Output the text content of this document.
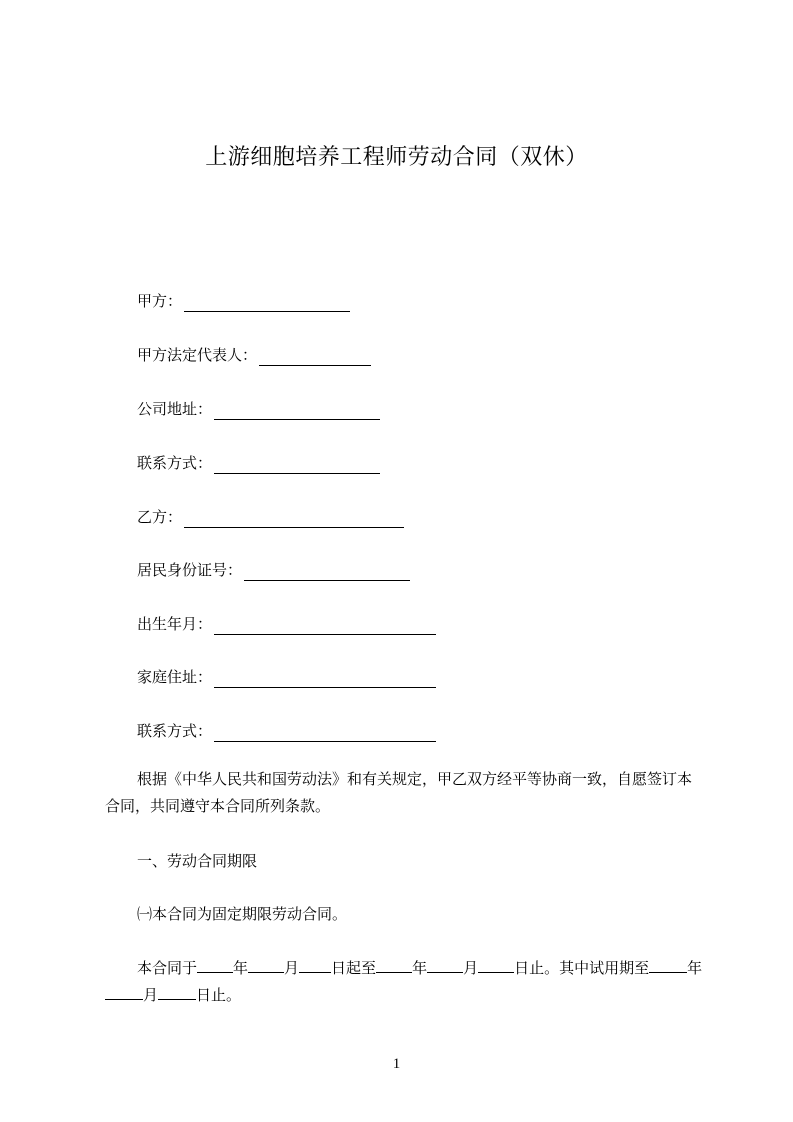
上游细胞培养工程师劳动合同（双休）
甲方：
甲方法定代表人：
公司地址：
联系方式：
乙方：
居民身份证号：
出生年月：
家庭住址：
联系方式：
根据《中华人民共和国劳动法》和有关规定，甲乙双方经平等协商一致，自愿签订本合同，共同遵守本合同所列条款。
一、劳动合同期限
㈠本合同为固定期限劳动合同。
本合同于 年 月 日起至 年 月 日止。其中试用期至	年月	日止。
1
